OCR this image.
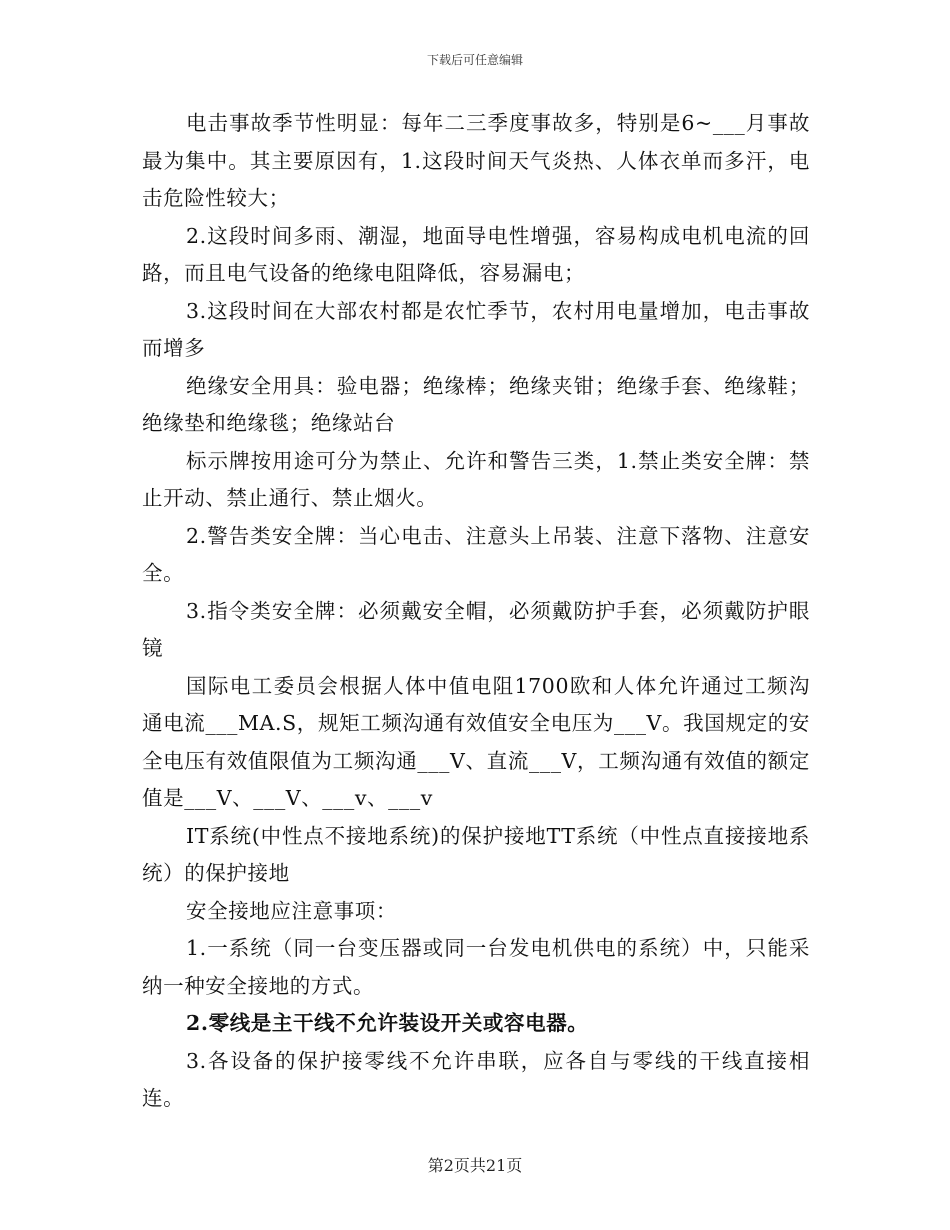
下载后可任意编辑

电击事故季节性明显：每年二三季度事故多，特别是6~___月事故最为集中。其主要原因有，1.这段时间天气炎热、人体衣单而多汗，电击危险性较大；

2.这段时间多雨、潮湿，地面导电性增强，容易构成电机电流的回路，而且电气设备的绝缘电阻降低，容易漏电；

3.这段时间在大部农村都是农忙季节，农村用电量增加，电击事故而增多

绝缘安全用具：验电器；绝缘棒；绝缘夹钳；绝缘手套、绝缘鞋；绝缘垫和绝缘毯；绝缘站台

标示牌按用途可分为禁止、允许和警告三类，1.禁止类安全牌：禁止开动、禁止通行、禁止烟火。

2.警告类安全牌：当心电击、注意头上吊装、注意下落物、注意安全。

3.指令类安全牌：必须戴安全帽，必须戴防护手套，必须戴防护眼镜

国际电工委员会根据人体中值电阻1700欧和人体允许通过工频沟通电流___MA.S，规矩工频沟通有效值安全电压为___V。我国规定的安全电压有效值限值为工频沟通___V、直流___V，工频沟通有效值的额定值是___V、___V、___v、___v

IT系统(中性点不接地系统)的保护接地TT系统（中性点直接接地系统）的保护接地

安全接地应注意事项：

1.一系统（同一台变压器或同一台发电机供电的系统）中，只能采纳一种安全接地的方式。

2.零线是主干线不允许装设开关或容电器。

3.各设备的保护接零线不允许串联，应各自与零线的干线直接相连。

第2页共21页
